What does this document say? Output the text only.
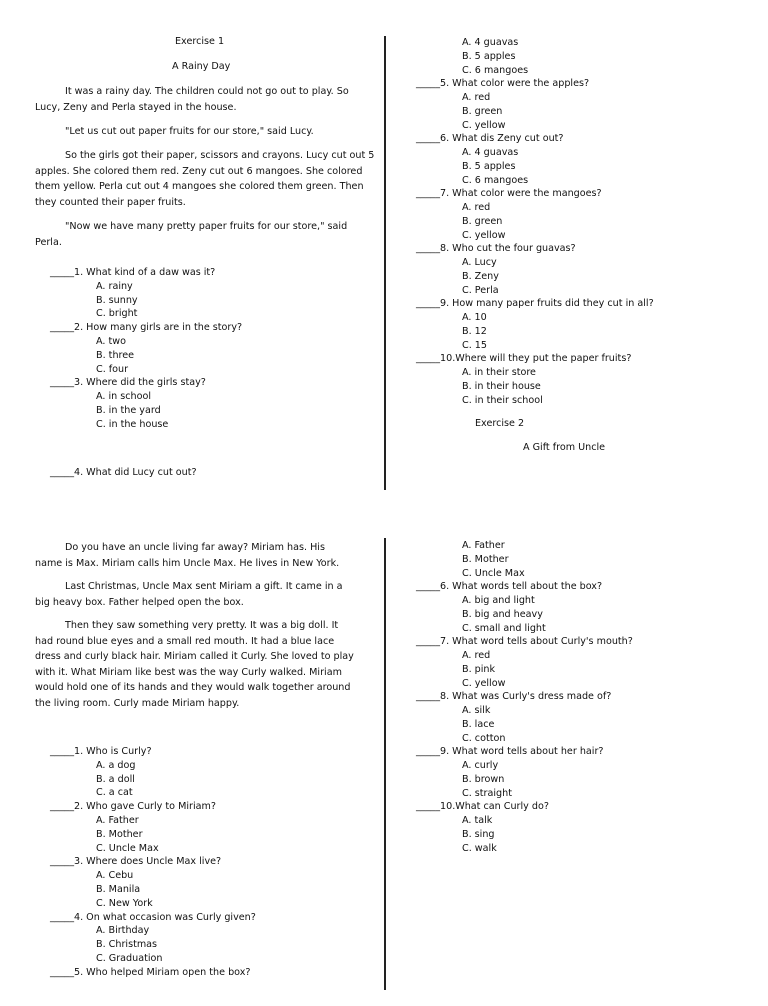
Exercise 1
A Rainy Day
It was a rainy day. The children could not go out to play. So Lucy, Zeny and Perla stayed in the house.
"Let us cut out paper fruits for our store," said Lucy.
So the girls got their paper, scissors and crayons. Lucy cut out 5 apples. She colored them red. Zeny cut out 6 mangoes. She colored them yellow. Perla cut out 4 mangoes she colored them green. Then they counted their paper fruits.
"Now we have many pretty paper fruits for our store," said Perla.
_____1. What kind of a daw was it?
A. rainy
B. sunny
C. bright
_____2. How many girls are in the story?
A. two
B. three
C. four
_____3. Where did the girls stay?
A. in school
B. in the yard
C. in the house
_____4. What did Lucy cut out?
A. 4 guavas
B. 5 apples
C. 6 mangoes
_____5. What color were the apples?
A. red
B. green
C. yellow
_____6. What dis Zeny cut out?
A. 4 guavas
B. 5 apples
C. 6 mangoes
_____7. What color were the mangoes?
A. red
B. green
C. yellow
_____8. Who cut the four guavas?
A. Lucy
B. Zeny
C. Perla
_____9. How many paper fruits did they cut in all?
A. 10
B. 12
C. 15
_____10.Where will they put the paper fruits?
A. in their store
B. in their house
C. in their school
Exercise 2
A Gift from Uncle
Do you have an uncle living far away? Miriam has. His name is Max. Miriam calls him Uncle Max. He lives in New York.
Last Christmas, Uncle Max sent Miriam a gift. It came in a big heavy box. Father helped open the box.
Then they saw something very pretty. It was a big doll. It had round blue eyes and a small red mouth. It had a blue lace dress and curly black hair. Miriam called it Curly. She loved to play with it. What Miriam like best was the way Curly walked. Miriam would hold one of its hands and they would walk together around the living room. Curly made Miriam happy.
_____1. Who is Curly?
A. a dog
B. a doll
C. a cat
_____2. Who gave Curly to Miriam?
A. Father
B. Mother
C. Uncle Max
_____3. Where does Uncle Max live?
A. Cebu
B. Manila
C. New York
_____4. On what occasion was Curly given?
A. Birthday
B. Christmas
C. Graduation
_____5. Who helped Miriam open the box?
A. Father
B. Mother
C. Uncle Max
_____6. What words tell about the box?
A. big and light
B. big and heavy
C. small and light
_____7. What word tells about Curly's mouth?
A. red
B. pink
C. yellow
_____8. What was Curly's dress made of?
A. silk
B. lace
C. cotton
_____9. What word tells about her hair?
A. curly
B. brown
C. straight
_____10.What can Curly do?
A. talk
B. sing
C. walk
